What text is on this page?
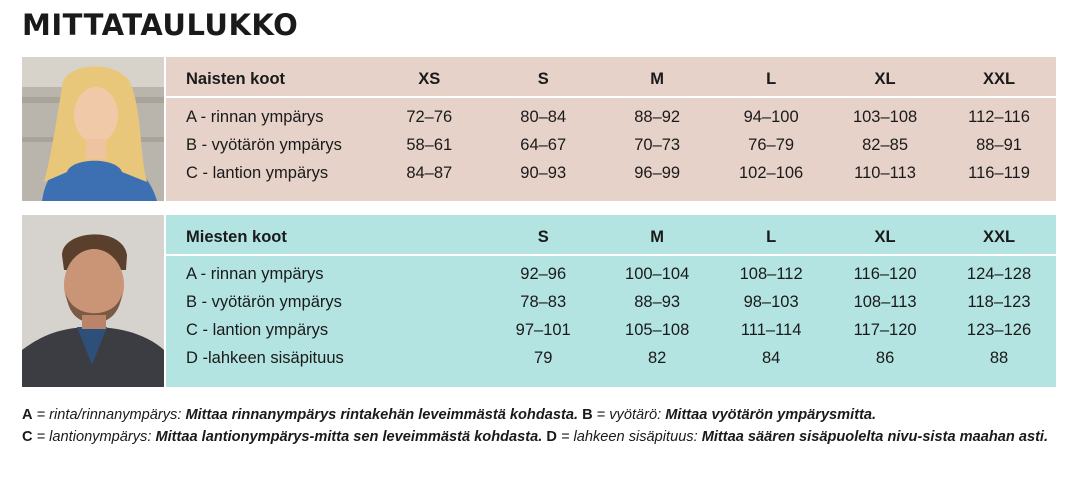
MITTATAULUKKO
Naisten koot	XS	S	M	L	XL	XXL
A - rinnan ympärys	72–76	80–84	88–92	94–100	103–108	112–116
B - vyötärön ympärys	58–61	64–67	70–73	76–79	82–85	88–91
C - lantion ympärys	84–87	90–93	96–99	102–106	110–113	116–119
Miesten koot	S	M	L	XL	XXL
A - rinnan ympärys	92–96	100–104	108–112	116–120	124–128
B - vyötärön ympärys	78–83	88–93	98–103	108–113	118–123
C - lantion ympärys	97–101	105–108	111–114	117–120	123–126
D -lahkeen sisäpituus	79	82	84	86	88
A = rinta/rinnanympärys: Mittaa rinnanympärys rintakehän leveimmästä kohdasta. B = vyötärö: Mittaa vyötärön ympärysmitta.
C = lantionympärys: Mittaa lantionympärys-mitta sen leveimmästä kohdasta. D = lahkeen sisäpituus: Mittaa säären sisäpuolelta nivu-sista maahan asti.
